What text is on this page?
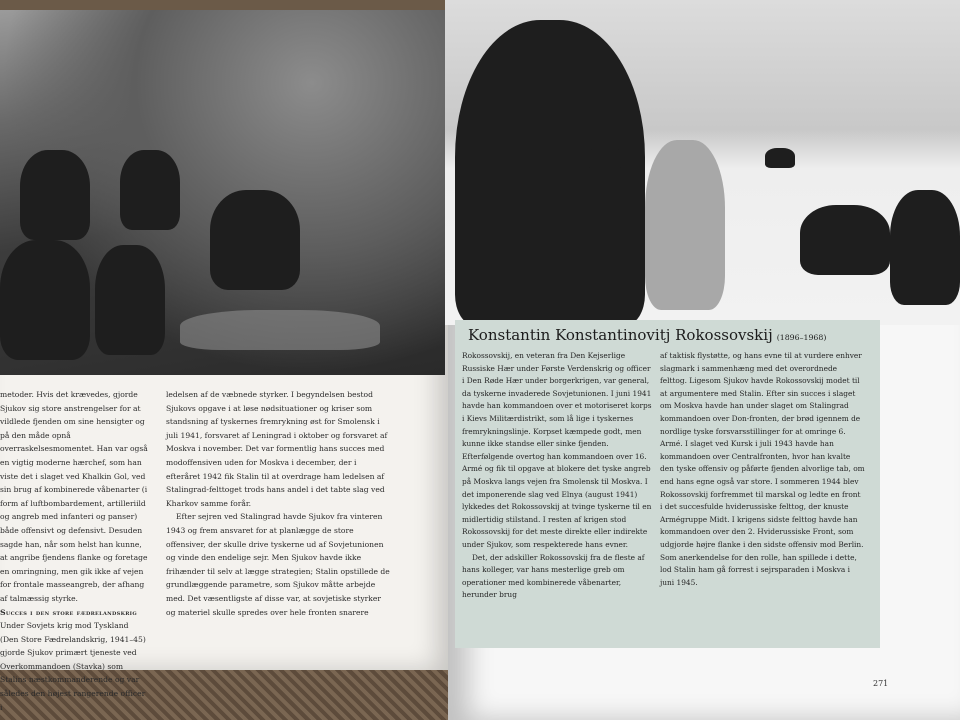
metoder. Hvis det krævedes, gjorde Sjukov sig store anstrengelser for at vildlede fjenden om sine hensigter og på den måde opnå overraskelsesmomentet. Han var også en vigtig moderne hærchef, som han viste det i slaget ved Khalkin Gol, ved sin brug af kombinerede våbenarter (i form af luftbombardement, artilleriild og angreb med infanteri og panser) både offensivt og defensivt. Desuden sagde han, når som helst han kunne, at angribe fjendens flanke og foretage en omringning, men gik ikke af vejen for frontale masseangreb, der afhang af talmæssig styrke.

Succes i den store fædrelandskrig

Under Sovjets krig mod Tyskland (Den Store Fædrelandskrig, 1941–45) gjorde Sjukov primært tjeneste ved Overkommandoen (Stavka) som Stalins næstkommanderende og var således den højest rangerende officer i

ledelsen af de væbnede styrker. I begyndelsen bestod Sjukovs opgave i at løse nødsituationer og kriser som standsning af tyskernes fremrykning øst for Smolensk i juli 1941, forsvaret af Leningrad i oktober og forsvaret af Moskva i november. Det var formentlig hans succes med modoffensiven uden for Moskva i december, der i efteråret 1942 fik Stalin til at overdrage ham ledelsen af Stalingrad-felttoget trods hans andel i det tabte slag ved Kharkov samme forår.

Efter sejren ved Stalingrad havde Sjukov fra vinteren 1943 og frem ansvaret for at planlægge de store offensiver, der skulle drive tyskerne ud af Sovjetunionen og vinde den endelige sejr. Men Sjukov havde ikke frihænder til selv at lægge strategien; Stalin opstillede de grundlæggende parametre, som Sjukov måtte arbejde med. Det væsentligste af disse var, at sovjetiske styrker og materiel skulle spredes over hele fronten snarere

Konstantin Konstantinovitj Rokossovskij (1896–1968)

Rokossovskij, en veteran fra Den Kejserlige Russiske Hær under Første Verdenskrig og officer i Den Røde Hær under borgerkrigen, var general, da tyskerne invaderede Sovjetunionen. I juni 1941 havde han kommandoen over et motoriseret korps i Kievs Militærdistrikt, som lå lige i tyskernes fremrykningslinje. Korpset kæmpede godt, men kunne ikke standse eller sinke fjenden. Efterfølgende overtog han kommandoen over 16. Armé og fik til opgave at blokere det tyske angreb på Moskva langs vejen fra Smolensk til Moskva. I det imponerende slag ved Elnya (august 1941) lykkedes det Rokossovskij at tvinge tyskerne til en midlertidig stilstand. I resten af krigen stod Rokossovskij for det meste direkte eller indirekte under Sjukov, som respekterede hans evner.

Det, der adskiller Rokossovskij fra de fleste af hans kolleger, var hans mesterlige greb om operationer med kombinerede våbenarter, herunder brug

af taktisk flystøtte, og hans evne til at vurdere enhver slagmark i sammenhæng med det overordnede felttog. Ligesom Sjukov havde Rokossovskij modet til at argumentere med Stalin. Efter sin succes i slaget om Moskva havde han under slaget om Stalingrad kommandoen over Don-fronten, der brød igennem de nordlige tyske forsvarsstillinger for at omringe 6. Armé. I slaget ved Kursk i juli 1943 havde han kommandoen over Centralfronten, hvor han kvalte den tyske offensiv og påførte fjenden alvorlige tab, om end hans egne også var store. I sommeren 1944 blev Rokossovskij forfremmet til marskal og ledte en front i det succesfulde hviderussiske felttog, der knuste Armégruppe Midt. I krigens sidste felttog havde han kommandoen over den 2. Hviderussiske Front, som udgjorde højre flanke i den sidste offensiv mod Berlin. Som anerkendelse for den rolle, han spillede i dette, lod Stalin ham gå forrest i sejrsparaden i Moskva i juni 1945.

271
